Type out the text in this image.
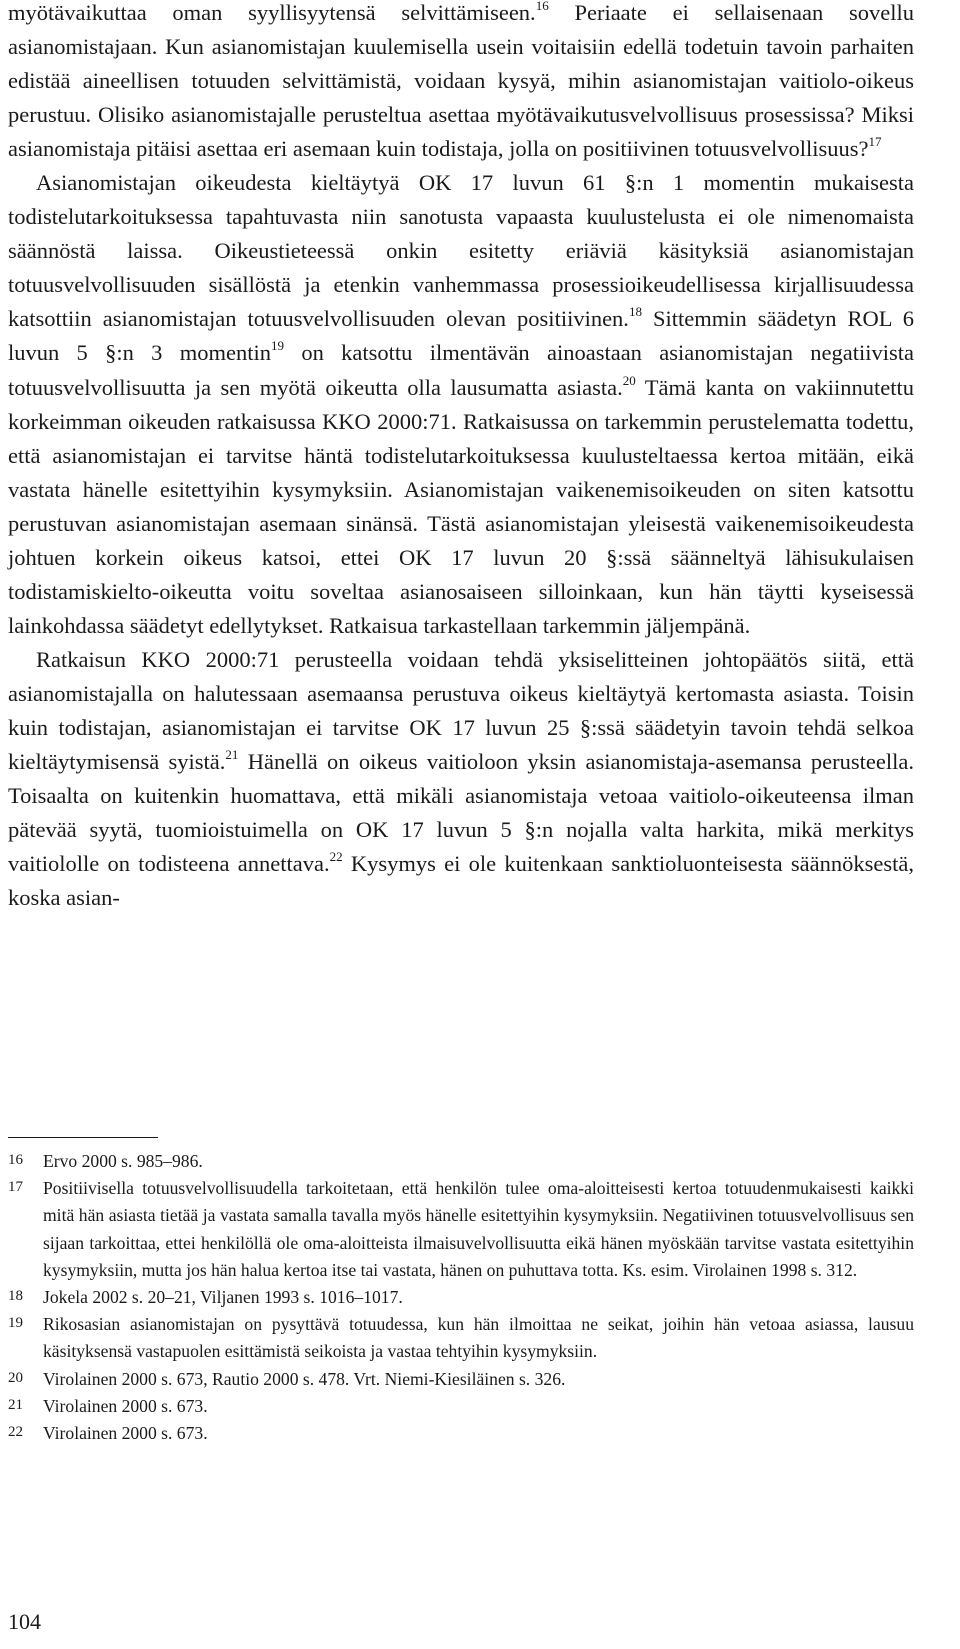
myötävaikuttaa oman syyllisyytensä selvittämiseen.$^{16}$ Periaate ei sellaisenaan sovellu asianomistajaan. Kun asianomistajan kuulemisella usein voitaisiin edellä todetuin tavoin parhaiten edistää aineellisen totuuden selvittämistä, voidaan kysyä, mihin asianomistajan vaitiolo-oikeus perustuu. Olisiko asianomistajalle perusteltua asettaa myötävaikutusvelvollisuus prosessissa? Miksi asianomistaja pitäisi asettaa eri asemaan kuin todistaja, jolla on positiivinen totuusvelvollisuus?$^{17}$

Asianomistajan oikeudesta kieltäytyä OK 17 luvun 61 §:n 1 momentin mukaisesta todistelutarkoituksessa tapahtuvasta niin sanotusta vapaasta kuulustelusta ei ole nimenomaista säännöstä laissa. Oikeustieteessä onkin esitetty eriäviä käsityksiä asianomistajan totuusvelvollisuuden sisällöstä ja etenkin vanhemmassa prosessioikeudellisessa kirjallisuudessa katsottiin asianomistajan totuusvelvollisuuden olevan positiivinen.$^{18}$ Sittemmin säädetyn ROL 6 luvun 5 §:n 3 momentin$^{19}$ on katsottu ilmentävän ainoastaan asianomistajan negatiivista totuusvelvollisuutta ja sen myötä oikeutta olla lausumatta asiasta.$^{20}$ Tämä kanta on vakiinnutettu korkeimman oikeuden ratkaisussa KKO 2000:71. Ratkaisussa on tarkemmin perustelematta todettu, että asianomistajan ei tarvitse häntä todistelutarkoituksessa kuulusteltaessa kertoa mitään, eikä vastata hänelle esitettyihin kysymyksiin. Asianomistajan vaikenemisoikeuden on siten katsottu perustuvan asianomistajan asemaan sinänsä. Tästä asianomistajan yleisestä vaikenemisoikeudesta johtuen korkein oikeus katsoi, ettei OK 17 luvun 20 §:ssä säänneltyä lähisukulaisen todistamiskielto-oikeutta voitu soveltaa asianosaiseen silloinkaan, kun hän täytti kyseisessä lainkohdassa säädetyt edellytykset. Ratkaisua tarkastellaan tarkemmin jäljempänä.

Ratkaisun KKO 2000:71 perusteella voidaan tehdä yksiselitteinen johtopäätös siitä, että asianomistajalla on halutessaan asemaansa perustuva oikeus kieltäytyä kertomasta asiasta. Toisin kuin todistajan, asianomistajan ei tarvitse OK 17 luvun 25 §:ssä säädetyin tavoin tehdä selkoa kieltäytymisensä syistä.$^{21}$ Hänellä on oikeus vaitioloon yksin asianomistaja-asemansa perusteella. Toisaalta on kuitenkin huomattava, että mikäli asianomistaja vetoaa vaitiolo-oikeuteensa ilman pätevää syytä, tuomioistuimella on OK 17 luvun 5 §:n nojalla valta harkita, mikä merkitys vaitiololle on todisteena annettava.$^{22}$ Kysymys ei ole kuitenkaan sanktioluonteisesta säännöksestä, koska asian-

16	Ervo 2000 s. 985–986.
17	Positiivisella totuusvelvollisuudella tarkoitetaan, että henkilön tulee oma-aloitteisesti kertoa totuudenmukaisesti kaikki mitä hän asiasta tietää ja vastata samalla tavalla myös hänelle esitettyihin kysymyksiin. Negatiivinen totuusvelvollisuus sen sijaan tarkoittaa, ettei henkilöllä ole oma-aloitteista ilmaisuvelvollisuutta eikä hänen myöskään tarvitse vastata esitettyihin kysymyksiin, mutta jos hän halua kertoa itse tai vastata, hänen on puhuttava totta. Ks. esim. Virolainen 1998 s. 312.
18	Jokela 2002 s. 20–21, Viljanen 1993 s. 1016–1017.
19	Rikosasian asianomistajan on pysyttävä totuudessa, kun hän ilmoittaa ne seikat, joihin hän vetoaa asiassa, lausuu käsityksensä vastapuolen esittämistä seikoista ja vastaa tehtyihin kysymyksiin.
20	Virolainen 2000 s. 673, Rautio 2000 s. 478. Vrt. Niemi-Kiesiläinen s. 326.
21	Virolainen 2000 s. 673.
22	Virolainen 2000 s. 673.
104
